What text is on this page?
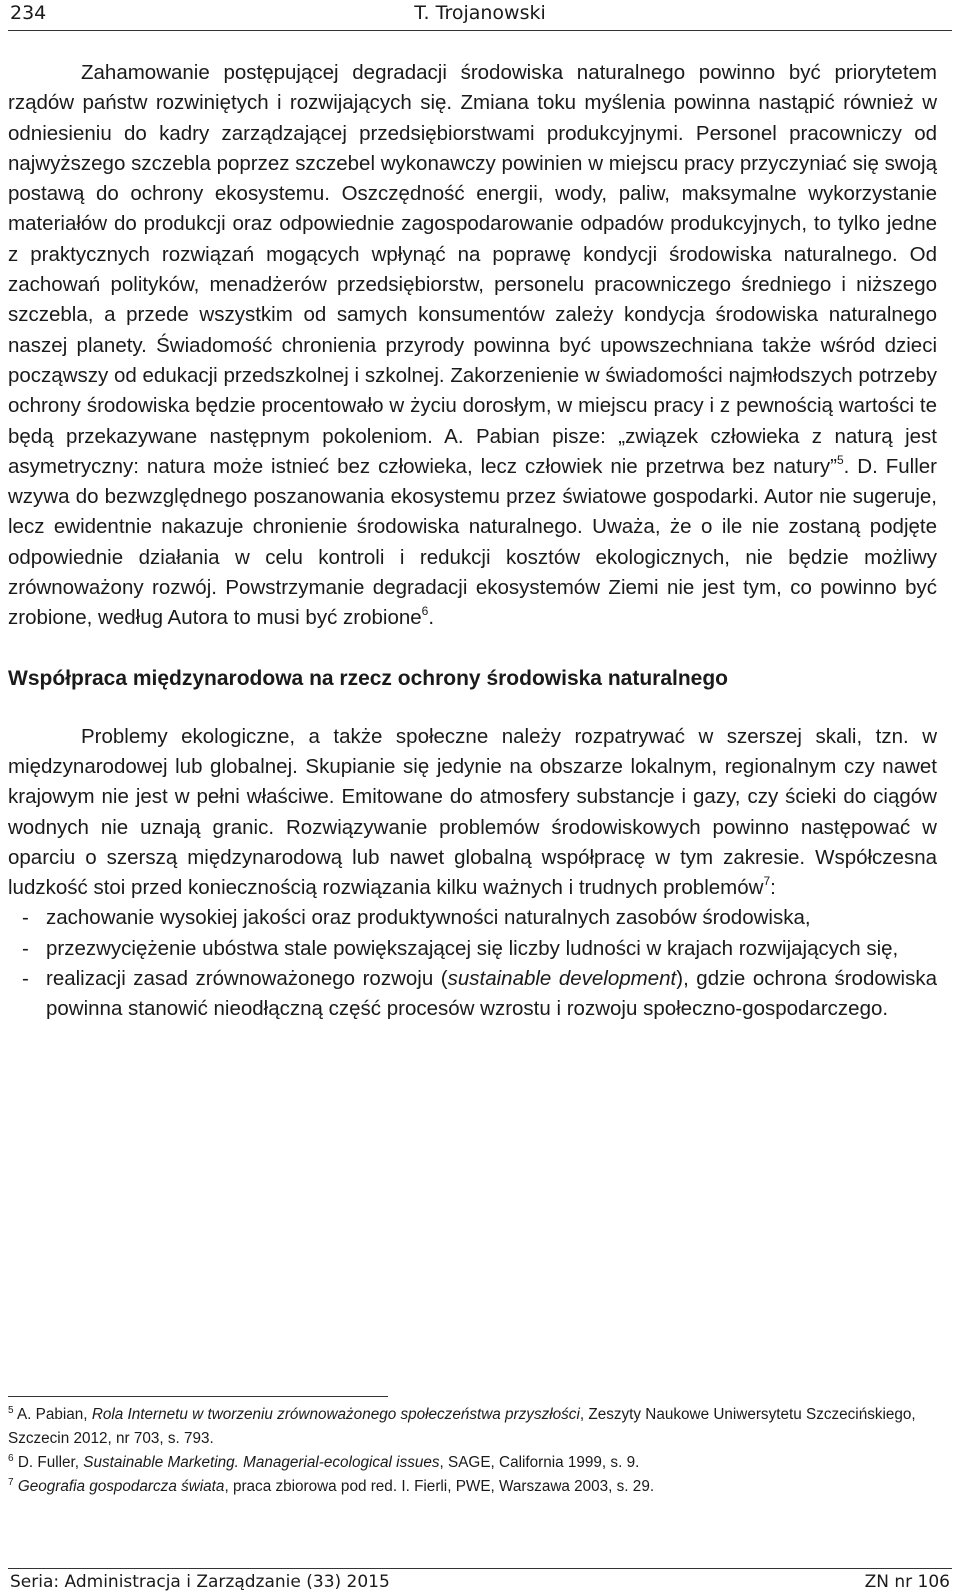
234	T. Trojanowski

Zahamowanie postępującej degradacji środowiska naturalnego powinno być priorytetem rządów państw rozwiniętych i rozwijających się. Zmiana toku myślenia powinna nastąpić również w odniesieniu do kadry zarządzającej przedsiębiorstwami produkcyjnymi. Personel pracowniczy od najwyższego szczebla poprzez szczebel wykonawczy powinien w miejscu pracy przyczyniać się swoją postawą do ochrony ekosystemu. Oszczędność energii, wody, paliw, maksymalne wykorzystanie materiałów do produkcji oraz odpowiednie zagospodarowanie odpadów produkcyjnych, to tylko jedne z praktycznych rozwiązań mogących wpłynąć na poprawę kondycji środowiska naturalnego. Od zachowań polityków, menadżerów przedsiębiorstw, personelu pracowniczego średniego i niższego szczebla, a przede wszystkim od samych konsumentów zależy kondycja środowiska naturalnego naszej planety. Świadomość chronienia przyrody powinna być upowszechniana także wśród dzieci począwszy od edukacji przedszkolnej i szkolnej. Zakorzenienie w świadomości najmłodszych potrzeby ochrony środowiska będzie procentowało w życiu dorosłym, w miejscu pracy i z pewnością wartości te będą przekazywane następnym pokoleniom. A. Pabian pisze: „związek człowieka z naturą jest asymetryczny: natura może istnieć bez człowieka, lecz człowiek nie przetrwa bez natury”$^5$. D. Fuller wzywa do bezwzględnego poszanowania ekosystemu przez światowe gospodarki. Autor nie sugeruje, lecz ewidentnie nakazuje chronienie środowiska naturalnego. Uważa, że o ile nie zostaną podjęte odpowiednie działania w celu kontroli i redukcji kosztów ekologicznych, nie będzie możliwy zrównoważony rozwój. Powstrzymanie degradacji ekosystemów Ziemi nie jest tym, co powinno być zrobione, według Autora to musi być zrobione$^6$.

Współpraca międzynarodowa na rzecz ochrony środowiska naturalnego

Problemy ekologiczne, a także społeczne należy rozpatrywać w szerszej skali, tzn. w międzynarodowej lub globalnej. Skupianie się jedynie na obszarze lokalnym, regionalnym czy nawet krajowym nie jest w pełni właściwe. Emitowane do atmosfery substancje i gazy, czy ścieki do ciągów wodnych nie uznają granic. Rozwiązywanie problemów środowiskowych powinno następować w oparciu o szerszą międzynarodową lub nawet globalną współpracę w tym zakresie. Współczesna ludzkość stoi przed koniecznością rozwiązania kilku ważnych i trudnych problemów$^7$:

- zachowanie wysokiej jakości oraz produktywności naturalnych zasobów środowiska,
- przezwyciężenie ubóstwa stale powiększającej się liczby ludności w krajach rozwijających się,
- realizacji zasad zrównoważonego rozwoju (sustainable development), gdzie ochrona środowiska powinna stanowić nieodłączną część procesów wzrostu i rozwoju społeczno-gospodarczego.
$^5$ A. Pabian, Rola Internetu w tworzeniu zrównoważonego społeczeństwa przyszłości, Zeszyty Naukowe Uniwersytetu Szczecińskiego, Szczecin 2012, nr 703, s. 793.
$^6$ D. Fuller, Sustainable Marketing. Managerial-ecological issues, SAGE, California 1999, s. 9.
$^7$ Geografia gospodarcza świata, praca zbiorowa pod red. I. Fierli, PWE, Warszawa 2003, s. 29.
Seria: Administracja i Zarządzanie (33) 2015	ZN nr 106
